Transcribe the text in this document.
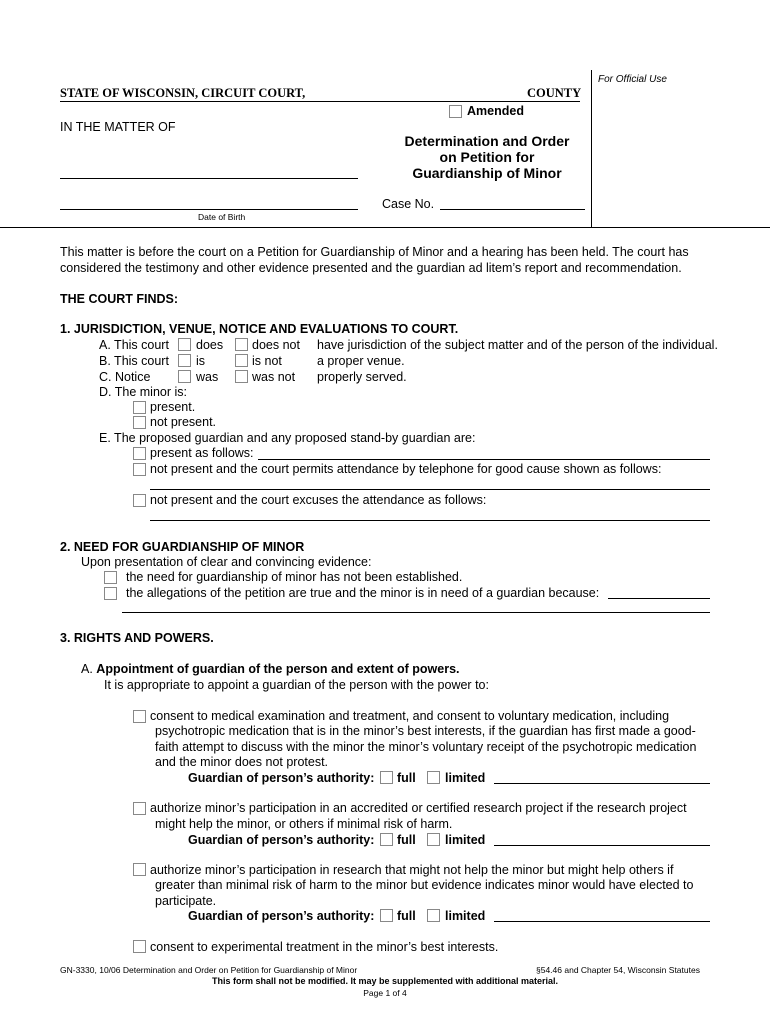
For Official Use
STATE OF WISCONSIN, CIRCUIT COURT,	COUNTY
Amended
IN THE MATTER OF
Date of Birth
Determination and Order
on Petition for
Guardianship of Minor
Case No.
This matter is before the court on a Petition for Guardianship of Minor and a hearing has been held. The court has
considered the testimony and other evidence presented and the guardian ad litem’s report and recommendation.
THE COURT FINDS:
1. JURISDICTION, VENUE, NOTICE AND EVALUATIONS TO COURT.
A. This court does does not have jurisdiction of the subject matter and of the person of the individual.
B. This court is	is not	a proper venue.
C. Notice	was	was not properly served.
D. The minor is:
present.
not present.
E. The proposed guardian and any proposed stand-by guardian are:
present as follows:
not present and the court permits attendance by telephone for good cause shown as follows:
not present and the court excuses the attendance as follows:
2. NEED FOR GUARDIANSHIP OF MINOR
Upon presentation of clear and convincing evidence:
the need for guardianship of minor has not been established.
the allegations of the petition are true and the minor is in need of a guardian because:
3. RIGHTS AND POWERS.
A. Appointment of guardian of the person and extent of powers.
It is appropriate to appoint a guardian of the person with the power to:
consent to medical examination and treatment, and consent to voluntary medication, including
psychotropic medication that is in the minor’s best interests, if the guardian has first made a good-
faith attempt to discuss with the minor the minor’s voluntary receipt of the psychotropic medication
and the minor does not protest.
Guardian of person’s authority: full limited
authorize minor’s participation in an accredited or certified research project if the research project
might help the minor, or others if minimal risk of harm.
Guardian of person’s authority: full limited
authorize minor’s participation in research that might not help the minor but might help others if
greater than minimal risk of harm to the minor but evidence indicates minor would have elected to
participate.
Guardian of person’s authority: full limited
consent to experimental treatment in the minor’s best interests.
GN-3330, 10/06 Determination and Order on Petition for Guardianship of Minor	§54.46 and Chapter 54, Wisconsin Statutes
This form shall not be modified. It may be supplemented with additional material.
Page 1 of 4
